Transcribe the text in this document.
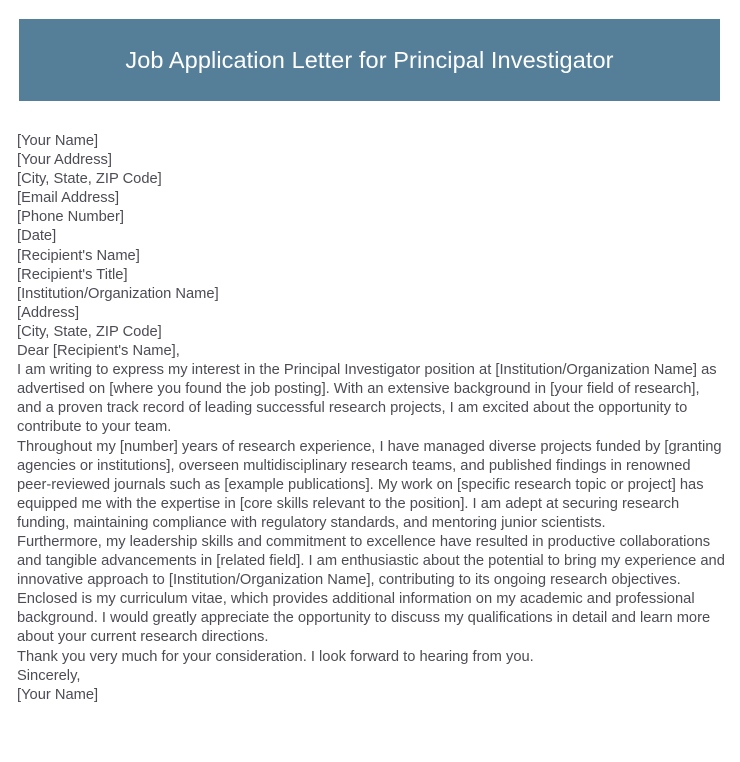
Job Application Letter for Principal Investigator
[Your Name]
[Your Address]
[City, State, ZIP Code]
[Email Address]
[Phone Number]
[Date]
[Recipient's Name]
[Recipient's Title]
[Institution/Organization Name]
[Address]
[City, State, ZIP Code]
Dear [Recipient's Name],

I am writing to express my interest in the Principal Investigator position at [Institution/Organization Name] as advertised on [where you found the job posting]. With an extensive background in [your field of research], and a proven track record of leading successful research projects, I am excited about the opportunity to contribute to your team.

Throughout my [number] years of research experience, I have managed diverse projects funded by [granting agencies or institutions], overseen multidisciplinary research teams, and published findings in renowned peer-reviewed journals such as [example publications]. My work on [specific research topic or project] has equipped me with the expertise in [core skills relevant to the position]. I am adept at securing research funding, maintaining compliance with regulatory standards, and mentoring junior scientists.

Furthermore, my leadership skills and commitment to excellence have resulted in productive collaborations and tangible advancements in [related field]. I am enthusiastic about the potential to bring my experience and innovative approach to [Institution/Organization Name], contributing to its ongoing research objectives.

Enclosed is my curriculum vitae, which provides additional information on my academic and professional background. I would greatly appreciate the opportunity to discuss my qualifications in detail and learn more about your current research directions.

Thank you very much for your consideration. I look forward to hearing from you.

Sincerely,
[Your Name]
